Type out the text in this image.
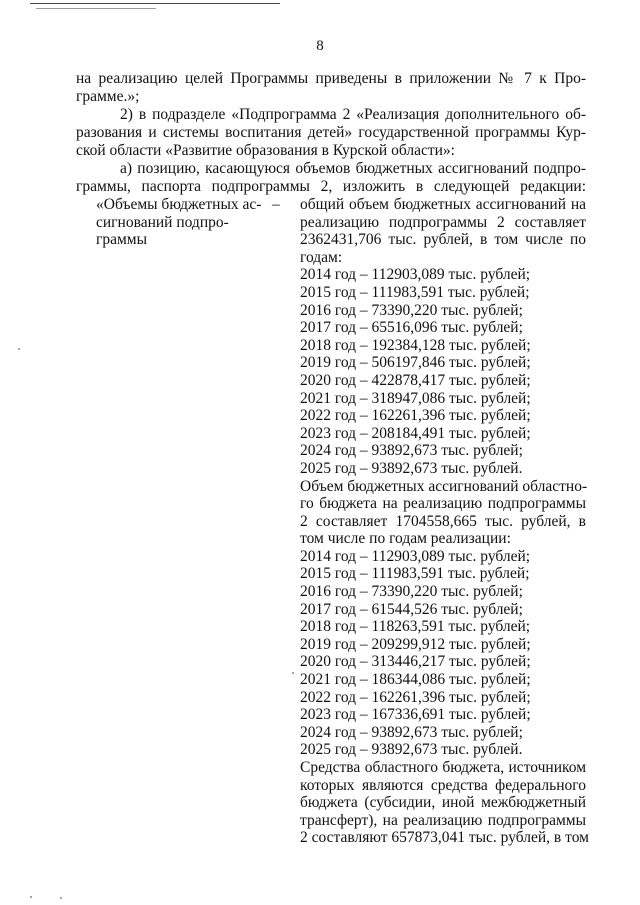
8
на реализацию целей Программы приведены в приложении № 7 к Про-
грамме.»;
2) в подразделе «Подпрограмма 2 «Реализация дополнительного об-
разования и системы воспитания детей» государственной программы Кур-
ской области «Развитие образования в Курской области»:
а) позицию, касающуюся объемов бюджетных ассигнований подпро-
граммы, паспорта подпрограммы 2, изложить в следующей редакции:
«Объемы бюджетных ас-
сигнований подпро-
граммы
– общий объем бюджетных ассигнований на
реализацию подпрограммы 2 составляет
2362431,706 тыс. рублей, в том числе по
годам:
2014 год – 112903,089 тыс. рублей;
2015 год – 111983,591 тыс. рублей;
2016 год – 73390,220 тыс. рублей;
2017 год – 65516,096 тыс. рублей;
2018 год – 192384,128 тыс. рублей;
2019 год – 506197,846 тыс. рублей;
2020 год – 422878,417 тыс. рублей;
2021 год – 318947,086 тыс. рублей;
2022 год – 162261,396 тыс. рублей;
2023 год – 208184,491 тыс. рублей;
2024 год – 93892,673 тыс. рублей;
2025 год – 93892,673 тыс. рублей.
Объем бюджетных ассигнований областно-
го бюджета на реализацию подпрограммы
2 составляет 1704558,665 тыс. рублей, в
том числе по годам реализации:
2014 год – 112903,089 тыс. рублей;
2015 год – 111983,591 тыс. рублей;
2016 год – 73390,220 тыс. рублей;
2017 год – 61544,526 тыс. рублей;
2018 год – 118263,591 тыс. рублей;
2019 год – 209299,912 тыс. рублей;
2020 год – 313446,217 тыс. рублей;
2021 год – 186344,086 тыс. рублей;
2022 год – 162261,396 тыс. рублей;
2023 год – 167336,691 тыс. рублей;
2024 год – 93892,673 тыс. рублей;
2025 год – 93892,673 тыс. рублей.
Средства областного бюджета, источником
которых являются средства федерального
бюджета (субсидии, иной межбюджетный
трансферт), на реализацию подпрограммы
2 составляют 657873,041 тыс. рублей, в том
